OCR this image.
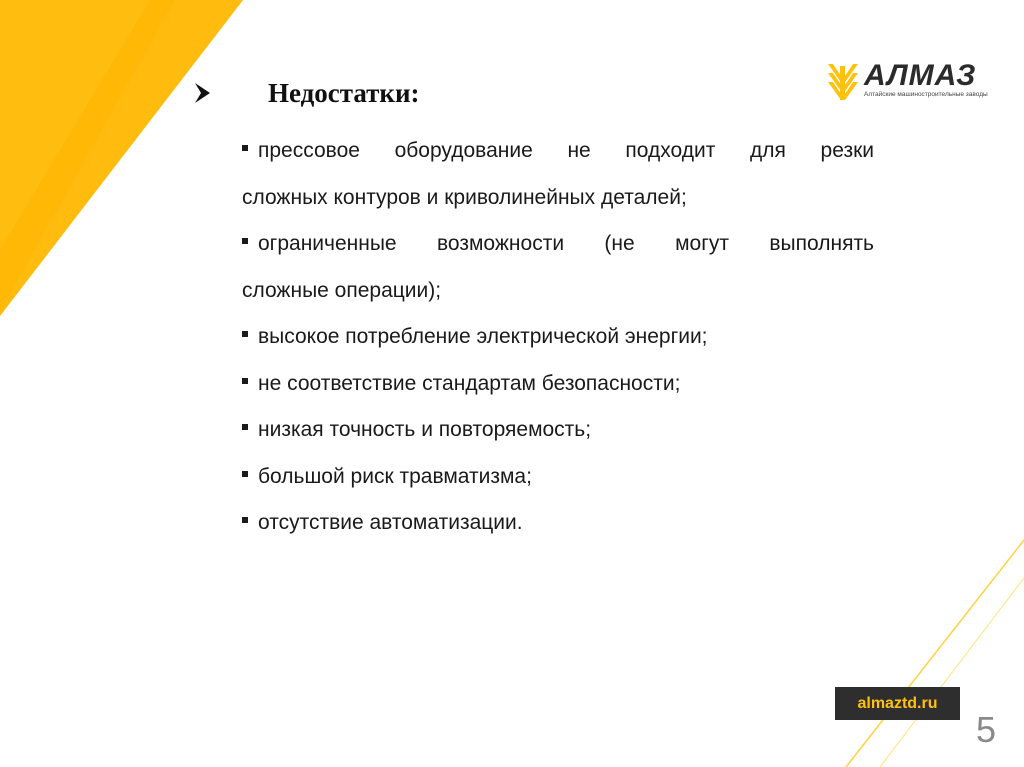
Недостатки:
прессовое оборудование не подходит для резки
сложных контуров и криволинейных деталей;
ограниченные возможности (не могут выполнять
сложные операции);
высокое потребление электрической энергии;
не соответствие стандартам безопасности;
низкая точность и повторяемость;
большой риск травматизма;
отсутствие автоматизации.
АЛМАЗ
Алтайские машиностроительные заводы
almaztd.ru
5
